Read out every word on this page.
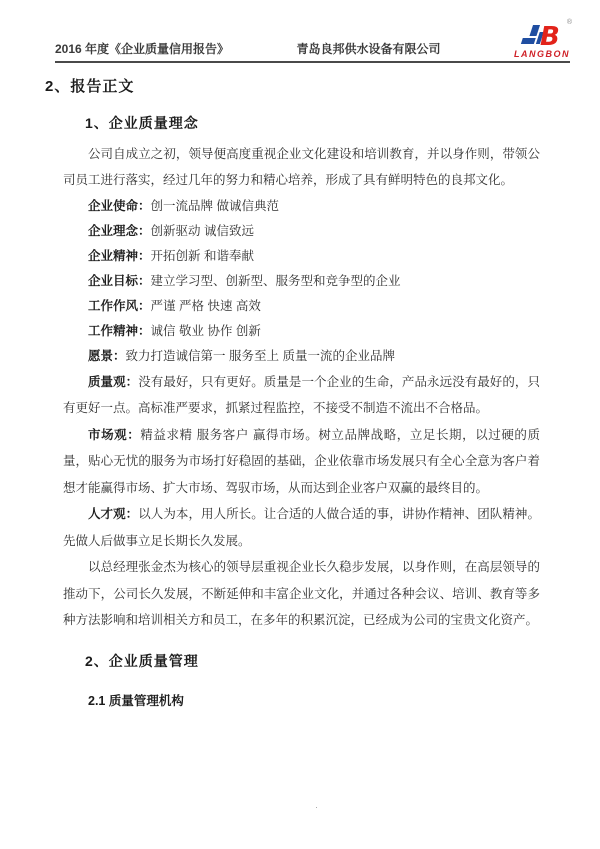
2016 年度《企业质量信用报告》	青岛良邦供水设备有限公司	B ®
LANGBON
2、报告正文
1、企业质量理念

公司自成立之初，领导便高度重视企业文化建设和培训教育，并以身作则，带领公司员工进行落实，经过几年的努力和精心培养，形成了具有鲜明特色的良邦文化。

企业使命：创一流品牌 做诚信典范

企业理念：创新驱动 诚信致远

企业精神：开拓创新 和谐奉献

企业目标：建立学习型、创新型、服务型和竞争型的企业

工作作风：严谨 严格 快速 高效

工作精神：诚信 敬业 协作 创新

愿景：致力打造诚信第一 服务至上 质量一流的企业品牌

质量观：没有最好，只有更好。质量是一个企业的生命，产品永远没有最好的，只有更好一点。高标准严要求，抓紧过程监控，不接受不制造不流出不合格品。

市场观：精益求精 服务客户 赢得市场。树立品牌战略，立足长期，以过硬的质量，贴心无忧的服务为市场打好稳固的基础，企业依靠市场发展只有全心全意为客户着想才能赢得市场、扩大市场、驾驭市场，从而达到企业客户双赢的最终目的。

人才观：以人为本，用人所长。让合适的人做合适的事，讲协作精神、团队精神。先做人后做事立足长期长久发展。

以总经理张金杰为核心的领导层重视企业长久稳步发展，以身作则，在高层领导的推动下，公司长久发展，不断延伸和丰富企业文化，并通过各种会议、培训、教育等多种方法影响和培训相关方和员工，在多年的积累沉淀，已经成为公司的宝贵文化资产。

2、企业质量管理
2.1 质量管理机构
·
